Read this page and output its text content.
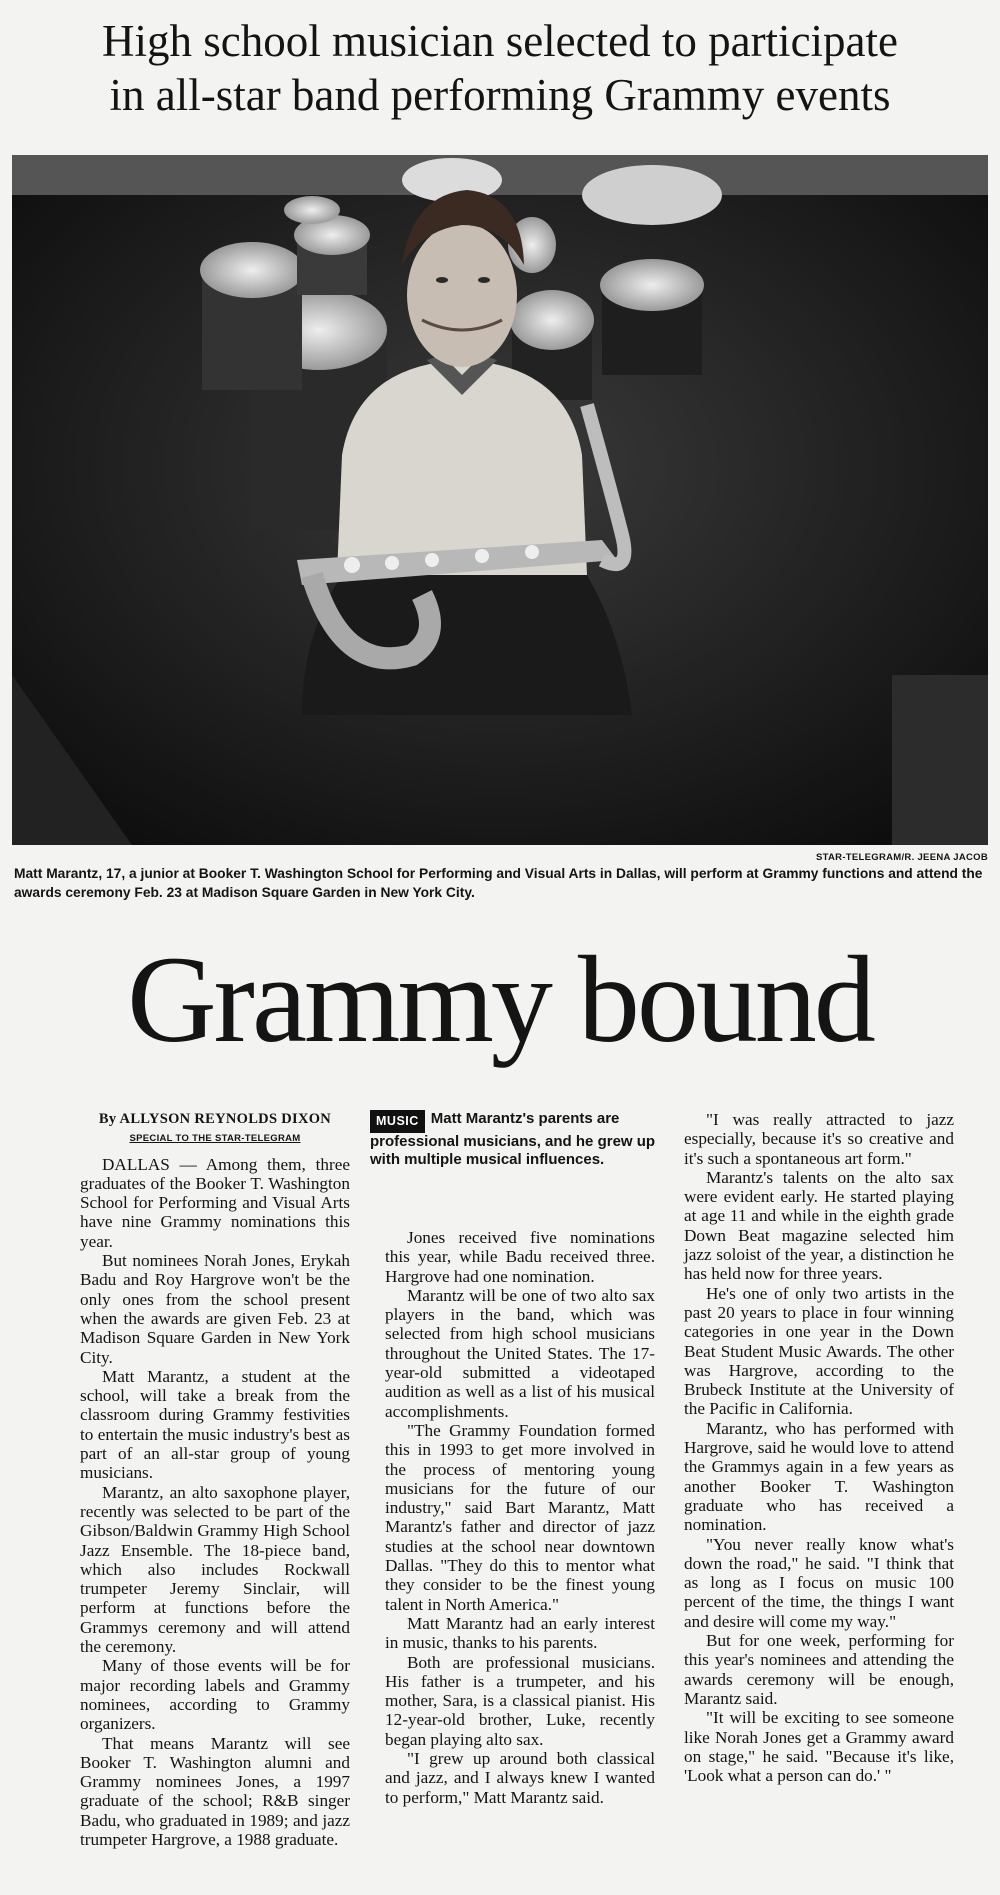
High school musician selected to participate
in all-star band performing Grammy events
STAR-TELEGRAM/R. JEENA JACOB
Matt Marantz, 17, a junior at Booker T. Washington School for Performing and Visual Arts in Dallas, will perform at Grammy functions and attend the awards ceremony Feb. 23 at Madison Square Garden in New York City.
Grammy bound
By ALLYSON REYNOLDS DIXON
SPECIAL TO THE STAR-TELEGRAM

DALLAS — Among them, three graduates of the Booker T. Washington School for Performing and Visual Arts have nine Grammy nominations this year.

But nominees Norah Jones, Erykah Badu and Roy Hargrove won't be the only ones from the school present when the awards are given Feb. 23 at Madison Square Garden in New York City.

Matt Marantz, a student at the school, will take a break from the classroom during Grammy festivities to entertain the music industry's best as part of an all-star group of young musicians.

Marantz, an alto saxophone player, recently was selected to be part of the Gibson/Baldwin Grammy High School Jazz Ensemble. The 18-piece band, which also includes Rockwall trumpeter Jeremy Sinclair, will perform at functions before the Grammys ceremony and will attend the ceremony.

Many of those events will be for major recording labels and Grammy nominees, according to Grammy organizers.

That means Marantz will see Booker T. Washington alumni and Grammy nominees Jones, a 1997 graduate of the school; R&B singer Badu, who graduated in 1989; and jazz trumpeter Hargrove, a 1988 graduate.

MUSIC Matt Marantz's parents are professional musicians, and he grew up with multiple musical influences.

Jones received five nominations this year, while Badu received three. Hargrove had one nomination.

Marantz will be one of two alto sax players in the band, which was selected from high school musicians throughout the United States. The 17-year-old submitted a videotaped audition as well as a list of his musical accomplishments.

"The Grammy Foundation formed this in 1993 to get more involved in the process of mentoring young musicians for the future of our industry," said Bart Marantz, Matt Marantz's father and director of jazz studies at the school near downtown Dallas. "They do this to mentor what they consider to be the finest young talent in North America."

Matt Marantz had an early interest in music, thanks to his parents.

Both are professional musicians. His father is a trumpeter, and his mother, Sara, is a classical pianist. His 12-year-old brother, Luke, recently began playing alto sax.

"I grew up around both classical and jazz, and I always knew I wanted to perform," Matt Marantz said.

"I was really attracted to jazz especially, because it's so creative and it's such a spontaneous art form."

Marantz's talents on the alto sax were evident early. He started playing at age 11 and while in the eighth grade Down Beat magazine selected him jazz soloist of the year, a distinction he has held now for three years.

He's one of only two artists in the past 20 years to place in four winning categories in one year in the Down Beat Student Music Awards. The other was Hargrove, according to the Brubeck Institute at the University of the Pacific in California.

Marantz, who has performed with Hargrove, said he would love to attend the Grammys again in a few years as another Booker T. Washington graduate who has received a nomination.

"You never really know what's down the road," he said. "I think that as long as I focus on music 100 percent of the time, the things I want and desire will come my way."

But for one week, performing for this year's nominees and attending the awards ceremony will be enough, Marantz said.

"It will be exciting to see someone like Norah Jones get a Grammy award on stage," he said. "Because it's like, 'Look what a person can do.' "
